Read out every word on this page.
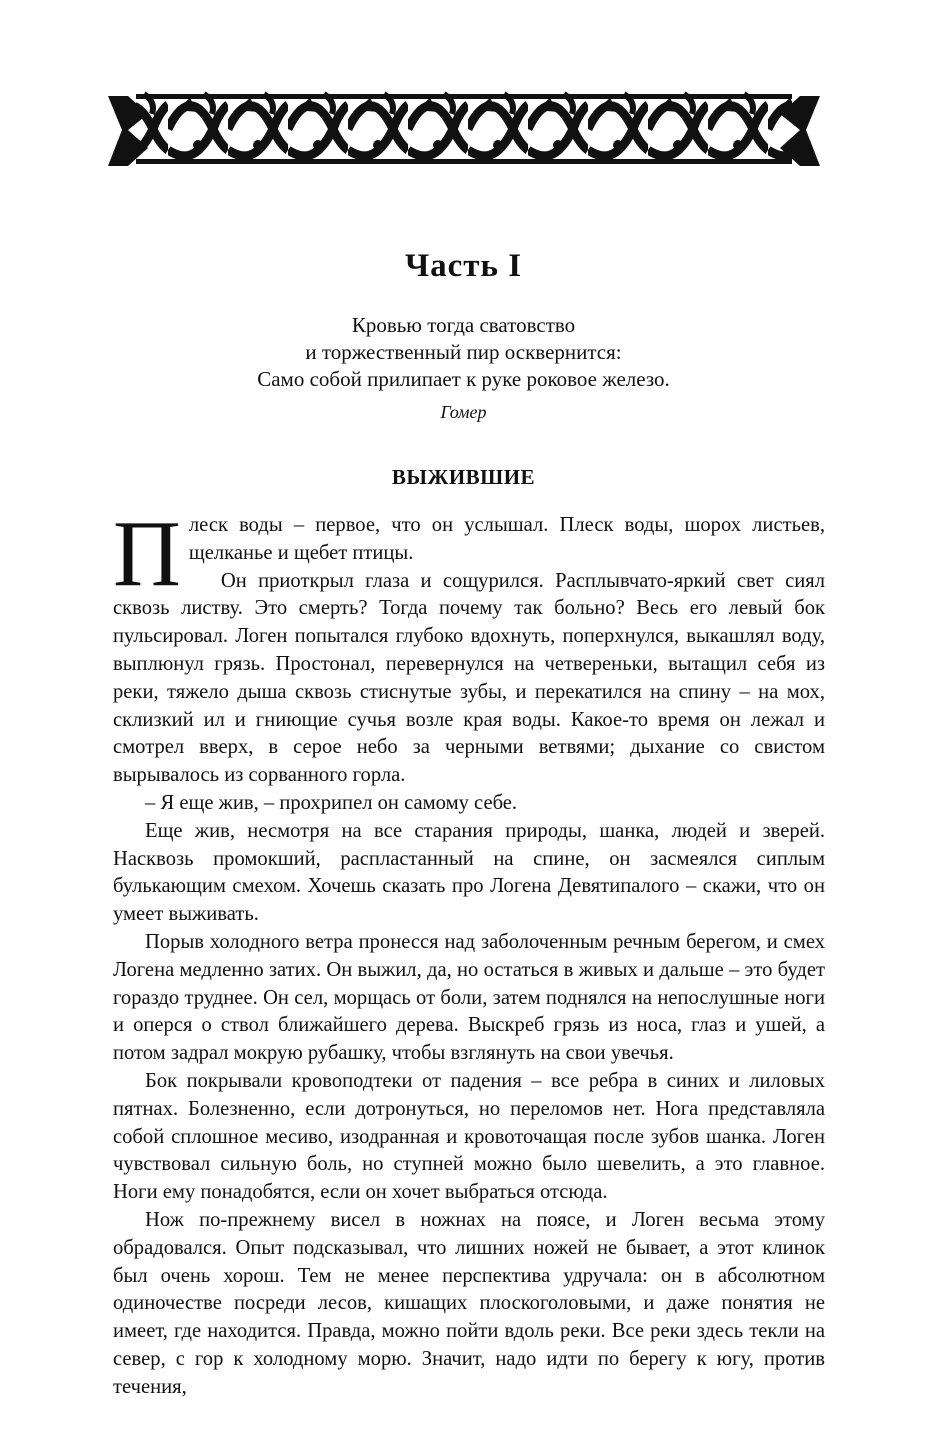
Часть I
Кровью тогда сватовство
и торжественный пир осквернится:
Само собой прилипает к руке роковое железо.
Гомер
ВЫЖИВШИЕ

Плеск воды – первое, что он услышал. Плеск воды, шорох листьев, щелканье и щебет птицы.

Он приоткрыл глаза и сощурился. Расплывчато-яркий свет сиял сквозь листву. Это смерть? Тогда почему так больно? Весь его левый бок пульсировал. Логен попытался глубоко вдохнуть, поперхнулся, выкашлял воду, выплюнул грязь. Простонал, перевернулся на четвереньки, вытащил себя из реки, тяжело дыша сквозь стиснутые зубы, и перекатился на спину – на мох, склизкий ил и гниющие сучья возле края воды. Какое-то время он лежал и смотрел вверх, в серое небо за черными ветвями; дыхание со свистом вырывалось из сорванного горла.

– Я еще жив, – прохрипел он самому себе.

Еще жив, несмотря на все старания природы, шанка, людей и зверей. Насквозь промокший, распластанный на спине, он засмеялся сиплым булькающим смехом. Хочешь сказать про Логена Девятипалого – скажи, что он умеет выживать.

Порыв холодного ветра пронесся над заболоченным речным берегом, и смех Логена медленно затих. Он выжил, да, но остаться в живых и дальше – это будет гораздо труднее. Он сел, морщась от боли, затем поднялся на непослушные ноги и оперся о ствол ближайшего дерева. Выскреб грязь из носа, глаз и ушей, а потом задрал мокрую рубашку, чтобы взглянуть на свои увечья.

Бок покрывали кровоподтеки от падения – все ребра в синих и лиловых пятнах. Болезненно, если дотронуться, но переломов нет. Нога представляла собой сплошное месиво, изодранная и кровоточащая после зубов шанка. Логен чувствовал сильную боль, но ступней можно было шевелить, а это главное. Ноги ему понадобятся, если он хочет выбраться отсюда.

Нож по-прежнему висел в ножнах на поясе, и Логен весьма этому обрадовался. Опыт подсказывал, что лишних ножей не бывает, а этот клинок был очень хорош. Тем не менее перспектива удручала: он в абсолютном одиночестве посреди лесов, кишащих плоскоголовыми, и даже понятия не имеет, где находится. Правда, можно пойти вдоль реки. Все реки здесь текли на север, с гор к холодному морю. Значит, надо идти по берегу к югу, против течения,
